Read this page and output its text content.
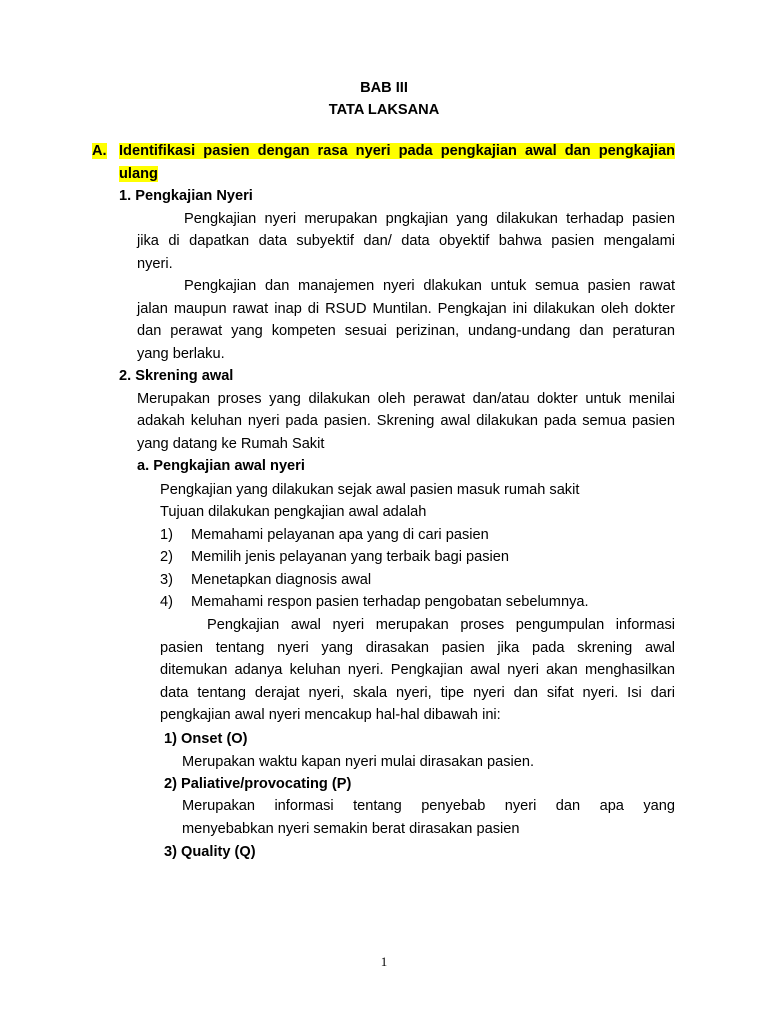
BAB III
TATA LAKSANA
A. Identifikasi pasien dengan rasa nyeri pada pengkajian awal dan pengkajian
ulang
1. Pengkajian Nyeri
Pengkajian nyeri merupakan pngkajian yang dilakukan terhadap pasien
jika di dapatkan data subyektif dan/ data obyektif bahwa pasien mengalami
nyeri.
Pengkajian dan manajemen nyeri dlakukan untuk semua pasien rawat
jalan maupun rawat inap di RSUD Muntilan. Pengkajan ini dilakukan oleh dokter
dan perawat yang kompeten sesuai perizinan, undang-undang dan peraturan
yang berlaku.
2. Skrening awal
Merupakan proses yang dilakukan oleh perawat dan/atau dokter untuk menilai
adakah keluhan nyeri pada pasien. Skrening awal dilakukan pada semua pasien
yang datang ke Rumah Sakit
a. Pengkajian awal nyeri
Pengkajian yang dilakukan sejak awal pasien masuk rumah sakit
Tujuan dilakukan pengkajian awal adalah
1) Memahami pelayanan apa yang di cari pasien
2) Memilih jenis pelayanan yang terbaik bagi pasien
3) Menetapkan diagnosis awal
4) Memahami respon pasien terhadap pengobatan sebelumnya.
Pengkajian awal nyeri merupakan proses pengumpulan informasi
pasien tentang nyeri yang dirasakan pasien jika pada skrening awal
ditemukan adanya keluhan nyeri. Pengkajian awal nyeri akan menghasilkan
data tentang derajat nyeri, skala nyeri, tipe nyeri dan sifat nyeri. Isi dari
pengkajian awal nyeri mencakup hal-hal dibawah ini:
1) Onset (O)
Merupakan waktu kapan nyeri mulai dirasakan pasien.
2) Paliative/provocating (P)
Merupakan informasi tentang penyebab nyeri dan apa yang
menyebabkan nyeri semakin berat dirasakan pasien
3) Quality (Q)
1
